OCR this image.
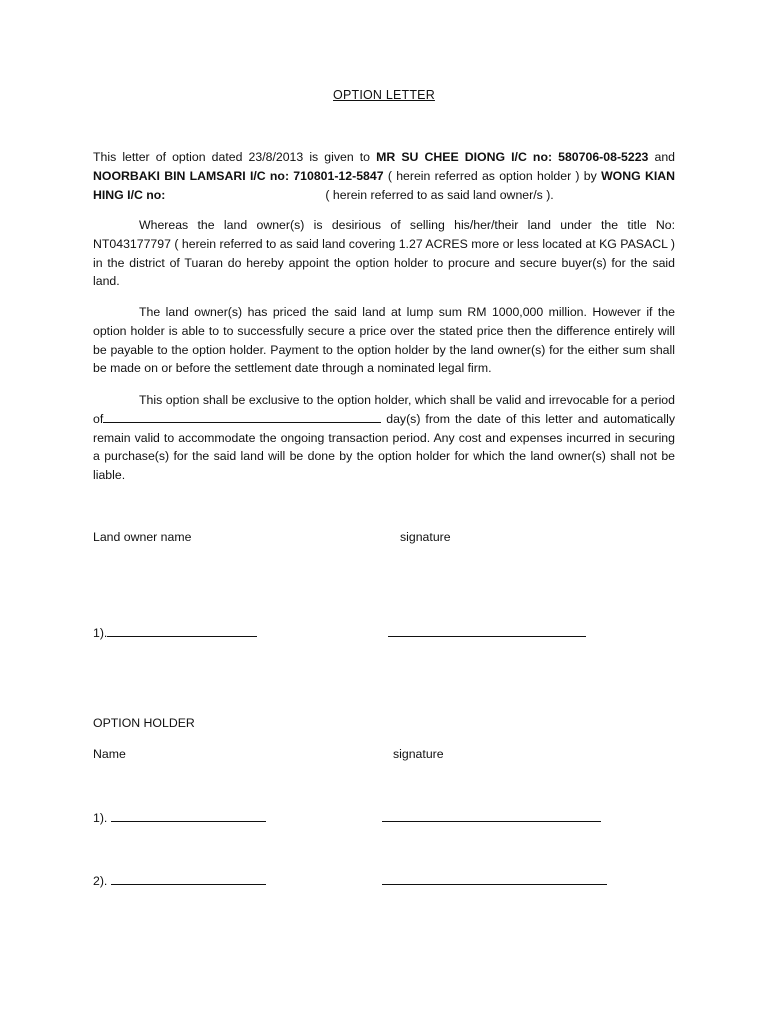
OPTION LETTER

This letter of option dated 23/8/2013 is given to MR SU CHEE DIONG I/C no: 580706-08-5223 and NOORBAKI BIN LAMSARI I/C no: 710801-12-5847 ( herein referred as option holder ) by WONG KIAN HING I/C no:	( herein referred to as said land owner/s ).

Whereas the land owner(s) is desirious of selling his/her/their land under the title No: NT043177797 ( herein referred to as said land covering 1.27 ACRES more or less located at KG PASACL ) in the district of Tuaran do hereby appoint the option holder to procure and secure buyer(s) for the said land.

The land owner(s) has priced the said land at lump sum RM 1000,000 million. However if the option holder is able to to successfully secure a price over the stated price then the difference entirely will be payable to the option holder. Payment to the option holder by the land owner(s) for the either sum shall be made on or before the settlement date through a nominated legal firm.

This option shall be exclusive to the option holder, which shall be valid and irrevocable for a period of	day(s) from the date of this letter and automatically remain valid to accommodate the ongoing transaction period. Any cost and expenses incurred in securing a purchase(s) for the said land will be done by the option holder for which the land owner(s) shall not be liable.

Land owner name	signature
1).
OPTION HOLDER
Name	signature
1).
2).
